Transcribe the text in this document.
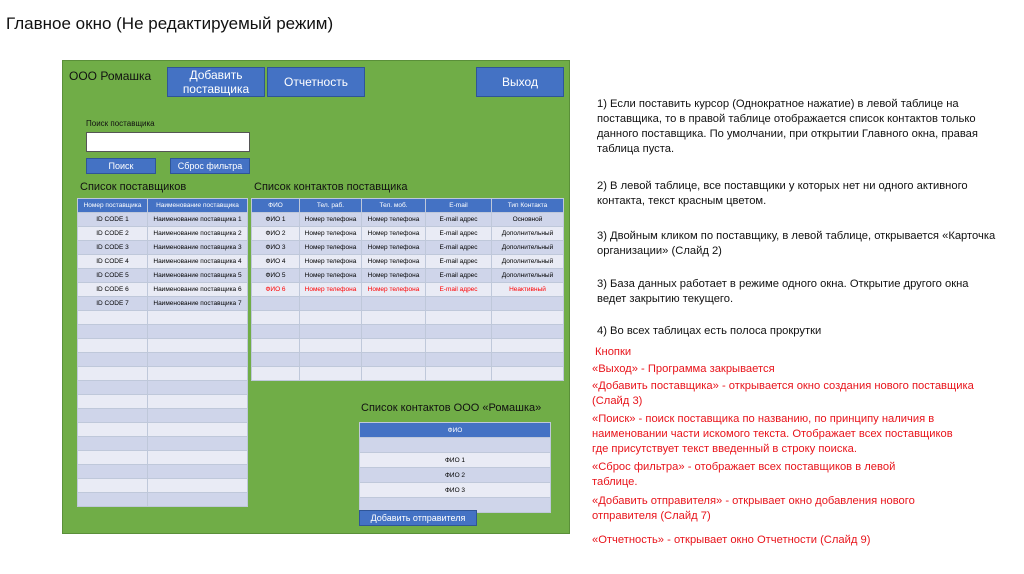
Главное окно (Не редактируемый режим)
ООО Ромашка	Добавить поставщика	Отчетность	Выход
Поиск поставщика
Поиск	Сброс фильтра
Список поставщиков
Номер поставщика	Наименование поставщика
ID CODE 1	Наименование поставщика 1
ID CODE 2	Наименование поставщика 2
ID CODE 3	Наименование поставщика 3
ID CODE 4	Наименование поставщика 4
ID CODE 5	Наименование поставщика 5
ID CODE 6	Наименование поставщика 6
ID CODE 7	Наименование поставщика 7

Список контактов поставщика
ФИО	Тел. раб.	Тел. моб.	E-mail	Тип Контакта
ФИО 1	Номер телефона	Номер телефона	E-mail адрес	Основной
ФИО 2	Номер телефона	Номер телефона	E-mail адрес	Дополнительный
ФИО 3	Номер телефона	Номер телефона	E-mail адрес	Дополнительный
ФИО 4	Номер телефона	Номер телефона	E-mail адрес	Дополнительный
ФИО 5	Номер телефона	Номер телефона	E-mail адрес	Дополнительный
ФИО 6	Номер телефона	Номер телефона	E-mail адрес	Неактивный

Список контактов ООО «Ромашка»
ФИО

ФИО 1
ФИО 2
ФИО 3

Добавить отправителя
1) Если поставить курсор (Однократное нажатие) в левой таблице на поставщика, то в правой таблице отображается список контактов только данного поставщика. По умолчании, при открытии Главного окна, правая таблица пуста.
2) В левой таблице, все поставщики у которых нет ни одного активного контакта, текст красным цветом.
3) Двойным кликом по поставщику, в левой таблице, открывается «Карточка организации» (Слайд 2)
3) База данных работает в режиме одного окна. Открытие другого окна ведет закрытию текущего.
4) Во всех таблицах есть полоса прокрутки
Кнопки
«Выход» - Программа закрывается
«Добавить поставщика» - открывается окно создания нового поставщика (Слайд 3)
«Поиск» - поиск поставщика по названию, по принципу наличия в наименовании части искомого текста. Отображает всех поставщиков где присутствует текст введенный в строку поиска.
«Сброс фильтра» - отображает всех поставщиков в левой таблице.
«Добавить отправителя» - открывает окно добавления нового отправителя (Слайд 7)
«Отчетность» - открывает окно Отчетности (Слайд 9)
